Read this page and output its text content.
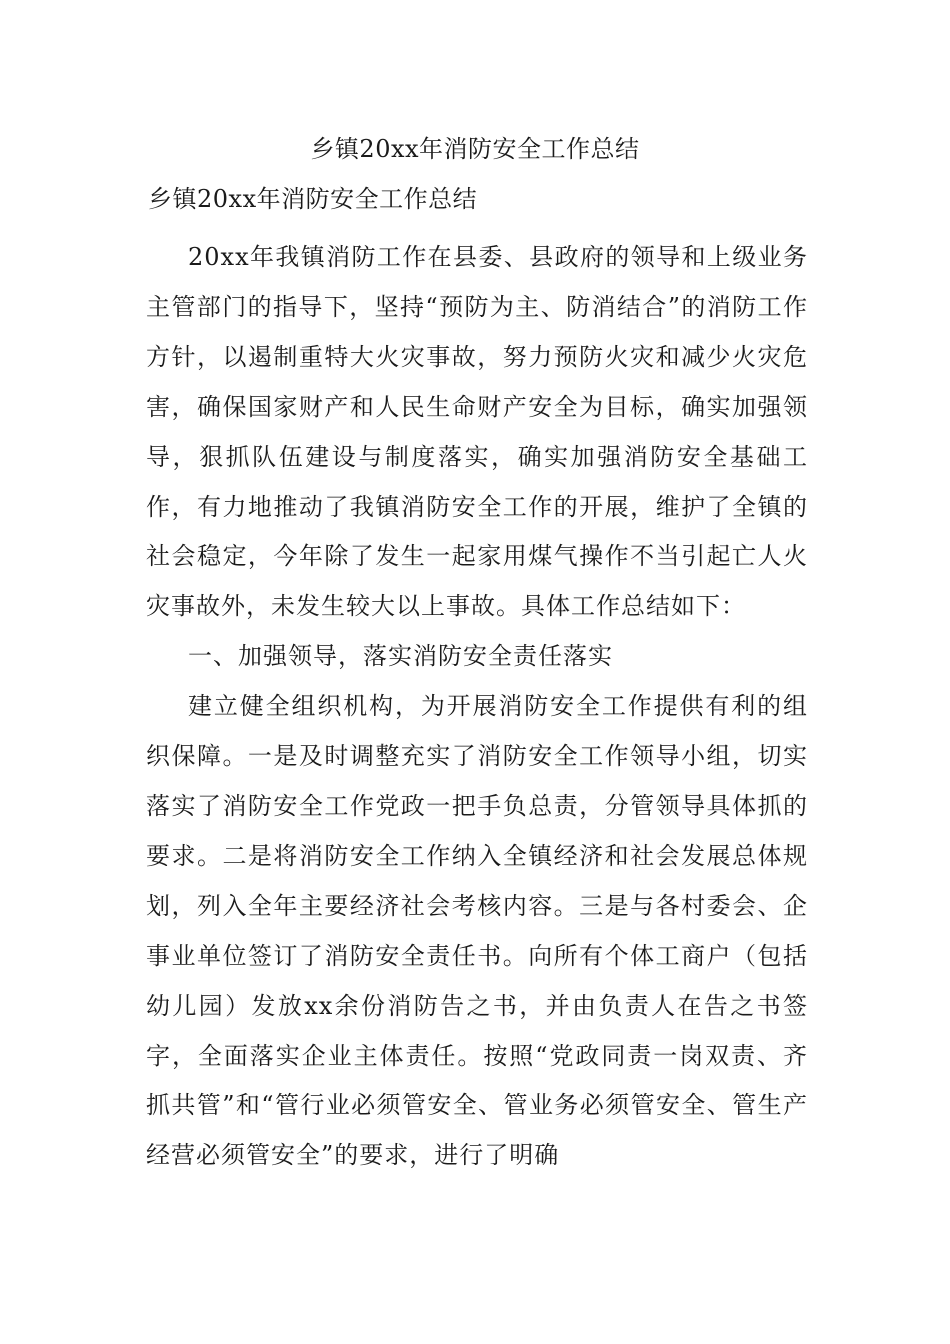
乡镇20xx年消防安全工作总结
乡镇20xx年消防安全工作总结

20xx年我镇消防工作在县委、县政府的领导和上级业务主管部门的指导下，坚持“预防为主、防消结合”的消防工作方针，以遏制重特大火灾事故，努力预防火灾和减少火灾危害，确保国家财产和人民生命财产安全为目标，确实加强领导，狠抓队伍建设与制度落实，确实加强消防安全基础工作，有力地推动了我镇消防安全工作的开展，维护了全镇的社会稳定，今年除了发生一起家用煤气操作不当引起亡人火灾事故外，未发生较大以上事故。具体工作总结如下：

一、加强领导，落实消防安全责任落实

建立健全组织机构，为开展消防安全工作提供有利的组织保障。一是及时调整充实了消防安全工作领导小组，切实落实了消防安全工作党政一把手负总责，分管领导具体抓的要求。二是将消防安全工作纳入全镇经济和社会发展总体规划，列入全年主要经济社会考核内容。三是与各村委会、企事业单位签订了消防安全责任书。向所有个体工商户（包括幼儿园）发放xx余份消防告之书，并由负责人在告之书签字，全面落实企业主体责任。按照“党政同责一岗双责、齐抓共管”和“管行业必须管安全、管业务必须管安全、管生产经营必须管安全”的要求，进行了明确
